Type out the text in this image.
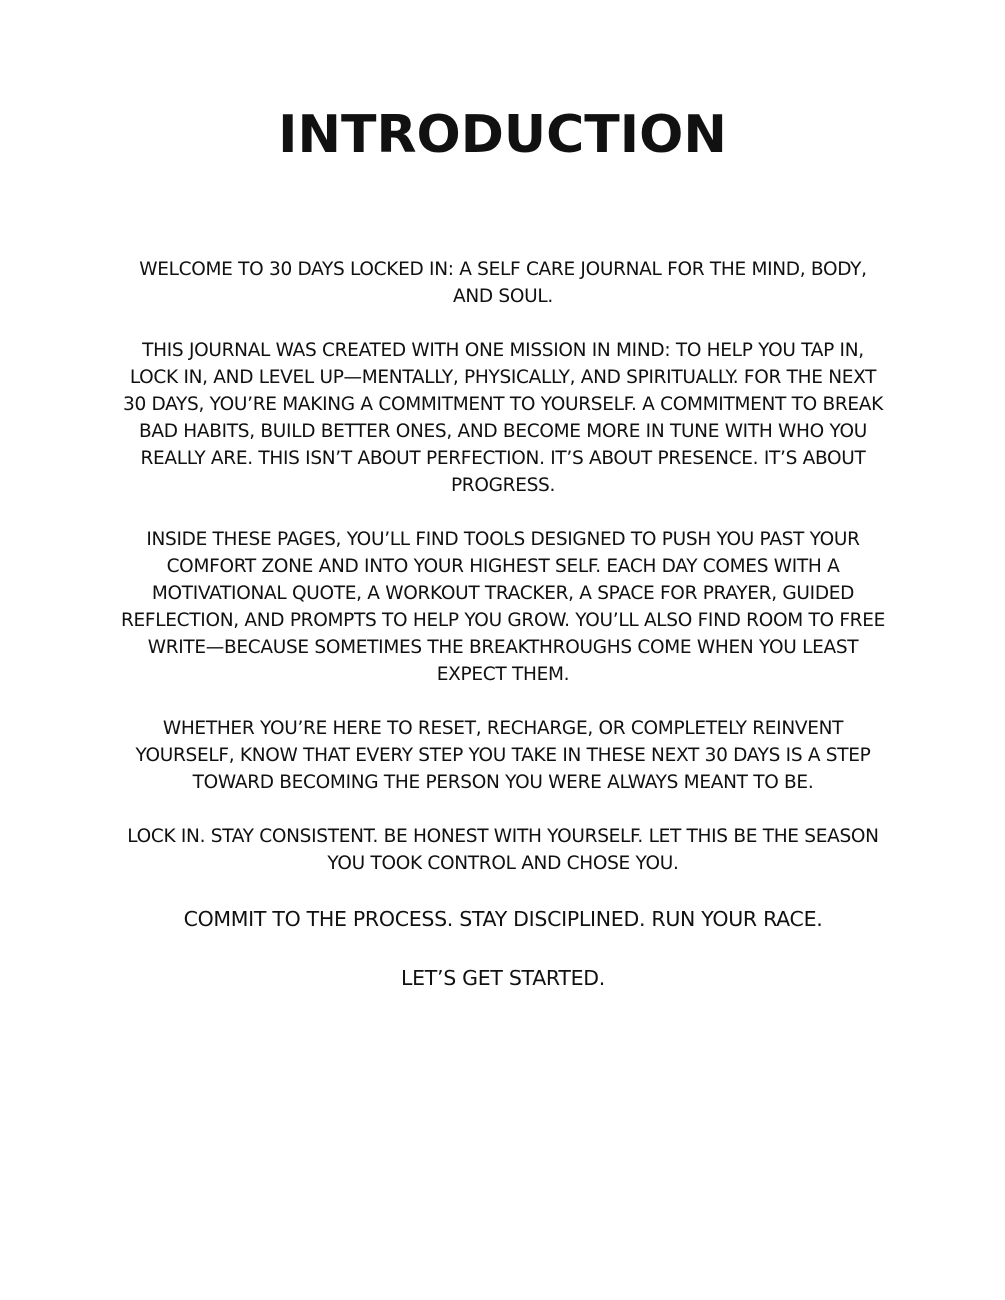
INTRODUCTION

WELCOME TO 30 DAYS LOCKED IN: A SELF CARE JOURNAL FOR THE MIND, BODY, AND SOUL.

THIS JOURNAL WAS CREATED WITH ONE MISSION IN MIND: TO HELP YOU TAP IN, LOCK IN, AND LEVEL UP—MENTALLY, PHYSICALLY, AND SPIRITUALLY. FOR THE NEXT 30 DAYS, YOU’RE MAKING A COMMITMENT TO YOURSELF. A COMMITMENT TO BREAK BAD HABITS, BUILD BETTER ONES, AND BECOME MORE IN TUNE WITH WHO YOU REALLY ARE. THIS ISN’T ABOUT PERFECTION. IT’S ABOUT PRESENCE. IT’S ABOUT PROGRESS.

INSIDE THESE PAGES, YOU’LL FIND TOOLS DESIGNED TO PUSH YOU PAST YOUR COMFORT ZONE AND INTO YOUR HIGHEST SELF. EACH DAY COMES WITH A MOTIVATIONAL QUOTE, A WORKOUT TRACKER, A SPACE FOR PRAYER, GUIDED REFLECTION, AND PROMPTS TO HELP YOU GROW. YOU’LL ALSO FIND ROOM TO FREE WRITE—BECAUSE SOMETIMES THE BREAKTHROUGHS COME WHEN YOU LEAST EXPECT THEM.

WHETHER YOU’RE HERE TO RESET, RECHARGE, OR COMPLETELY REINVENT YOURSELF, KNOW THAT EVERY STEP YOU TAKE IN THESE NEXT 30 DAYS IS A STEP TOWARD BECOMING THE PERSON YOU WERE ALWAYS MEANT TO BE.

LOCK IN. STAY CONSISTENT. BE HONEST WITH YOURSELF. LET THIS BE THE SEASON YOU TOOK CONTROL AND CHOSE YOU.

COMMIT TO THE PROCESS. STAY DISCIPLINED. RUN YOUR RACE.

LET’S GET STARTED.
